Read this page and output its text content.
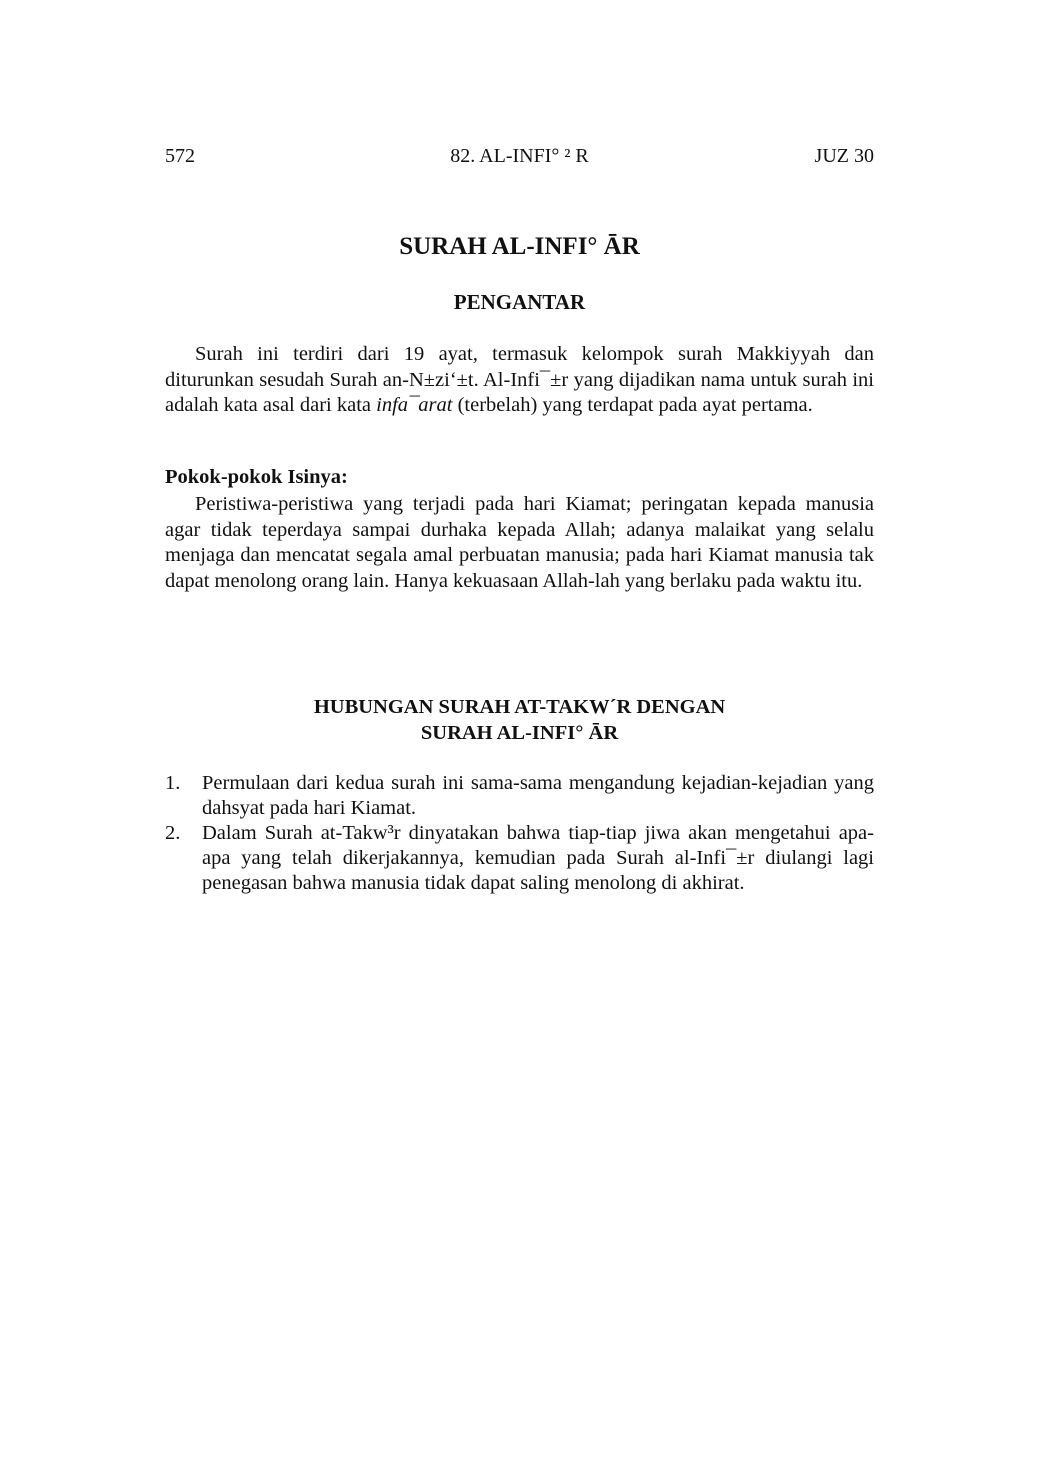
572	82. AL-INFI° ² R	JUZ 30
SURAH AL-INFI° ĀR
PENGANTAR

Surah ini terdiri dari 19 ayat, termasuk kelompok surah Makkiyyah dan diturunkan sesudah Surah an-N±zi‘±t. Al-Infi¯±r yang dijadikan nama untuk surah ini adalah kata asal dari kata infa¯arat (terbelah) yang terdapat pada ayat pertama.

Pokok-pokok Isinya:

Peristiwa-peristiwa yang terjadi pada hari Kiamat; peringatan kepada manusia agar tidak teperdaya sampai durhaka kepada Allah; adanya malaikat yang selalu menjaga dan mencatat segala amal perbuatan manusia; pada hari Kiamat manusia tak dapat menolong orang lain. Hanya kekuasaan Allah-lah yang berlaku pada waktu itu.

HUBUNGAN SURAH AT-TAKW´R DENGAN
SURAH AL-INFI° ĀR
1. Permulaan dari kedua surah ini sama-sama mengandung kejadian-kejadian yang dahsyat pada hari Kiamat.
2. Dalam Surah at-Takw³r dinyatakan bahwa tiap-tiap jiwa akan mengetahui apa-apa yang telah dikerjakannya, kemudian pada Surah al-Infi¯±r diulangi lagi penegasan bahwa manusia tidak dapat saling menolong di akhirat.
